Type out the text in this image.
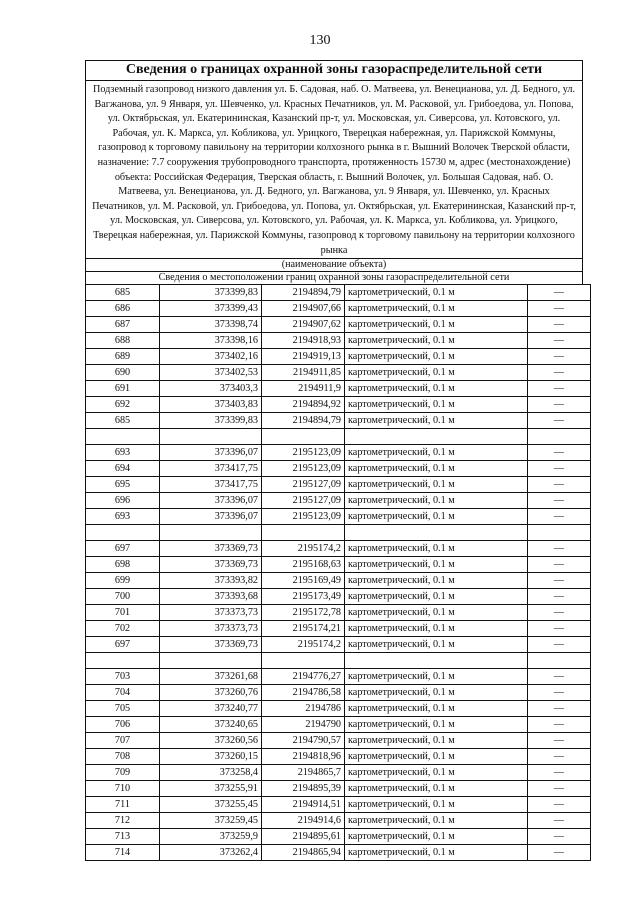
130
Сведения о границах охранной зоны газораспределительной сети
Подземный газопровод низкого давления ул. Б. Садовая, наб. О. Матвеева, ул. Венецианова, ул. Д. Бедного, ул. Вагжанова, ул. 9 Января, ул. Шевченко, ул. Красных Печатников, ул. М. Расковой, ул. Грибоедова, ул. Попова, ул. Октябрьская, ул. Екатерининская, Казанский пр-т, ул. Московская, ул. Сиверсова, ул. Котовского, ул. Рабочая, ул. К. Маркса, ул. Кобликова, ул. Урицкого, Тверецкая набережная, ул. Парижской Коммуны, газопровод к торговому павильону на территории колхозного рынка в г. Вышний Волочек Тверской области, назначение: 7.7 сооружения трубопроводного транспорта, протяженность 15730 м, адрес (местонахождение) объекта: Российская Федерация, Тверская область, г. Вышний Волочек, ул. Большая Садовая, наб. О. Матвеева, ул. Венецианова, ул. Д. Бедного, ул. Вагжанова, ул. 9 Января, ул. Шевченко, ул. Красных Печатников, ул. М. Расковой, ул. Грибоедова, ул. Попова, ул. Октябрьская, ул. Екатерининская, Казанский пр-т, ул. Московская, ул. Сиверсова, ул. Котовского, ул. Рабочая, ул. К. Маркса, ул. Кобликова, ул. Урицкого, Тверецкая набережная, ул. Парижской Коммуны, газопровод к торговому павильону на территории колхозного рынка
(наименование объекта)
Сведения о местоположении границ охранной зоны газораспределительной сети
685	373399,83	2194894,79	картометрический, 0.1 м	—
686	373399,43	2194907,66	картометрический, 0.1 м	—
687	373398,74	2194907,62	картометрический, 0.1 м	—
688	373398,16	2194918,93	картометрический, 0.1 м	—
689	373402,16	2194919,13	картометрический, 0.1 м	—
690	373402,53	2194911,85	картометрический, 0.1 м	—
691	373403,3	2194911,9	картометрический, 0.1 м	—
692	373403,83	2194894,92	картометрический, 0.1 м	—
685	373399,83	2194894,79	картометрический, 0.1 м	—

693	373396,07	2195123,09	картометрический, 0.1 м	—
694	373417,75	2195123,09	картометрический, 0.1 м	—
695	373417,75	2195127,09	картометрический, 0.1 м	—
696	373396,07	2195127,09	картометрический, 0.1 м	—
693	373396,07	2195123,09	картометрический, 0.1 м	—

697	373369,73	2195174,2	картометрический, 0.1 м	—
698	373369,73	2195168,63	картометрический, 0.1 м	—
699	373393,82	2195169,49	картометрический, 0.1 м	—
700	373393,68	2195173,49	картометрический, 0.1 м	—
701	373373,73	2195172,78	картометрический, 0.1 м	—
702	373373,73	2195174,21	картометрический, 0.1 м	—
697	373369,73	2195174,2	картометрический, 0.1 м	—

703	373261,68	2194776,27	картометрический, 0.1 м	—
704	373260,76	2194786,58	картометрический, 0.1 м	—
705	373240,77	2194786	картометрический, 0.1 м	—
706	373240,65	2194790	картометрический, 0.1 м	—
707	373260,56	2194790,57	картометрический, 0.1 м	—
708	373260,15	2194818,96	картометрический, 0.1 м	—
709	373258,4	2194865,7	картометрический, 0.1 м	—
710	373255,91	2194895,39	картометрический, 0.1 м	—
711	373255,45	2194914,51	картометрический, 0.1 м	—
712	373259,45	2194914,6	картометрический, 0.1 м	—
713	373259,9	2194895,61	картометрический, 0.1 м	—
714	373262,4	2194865,94	картометрический, 0.1 м	—
